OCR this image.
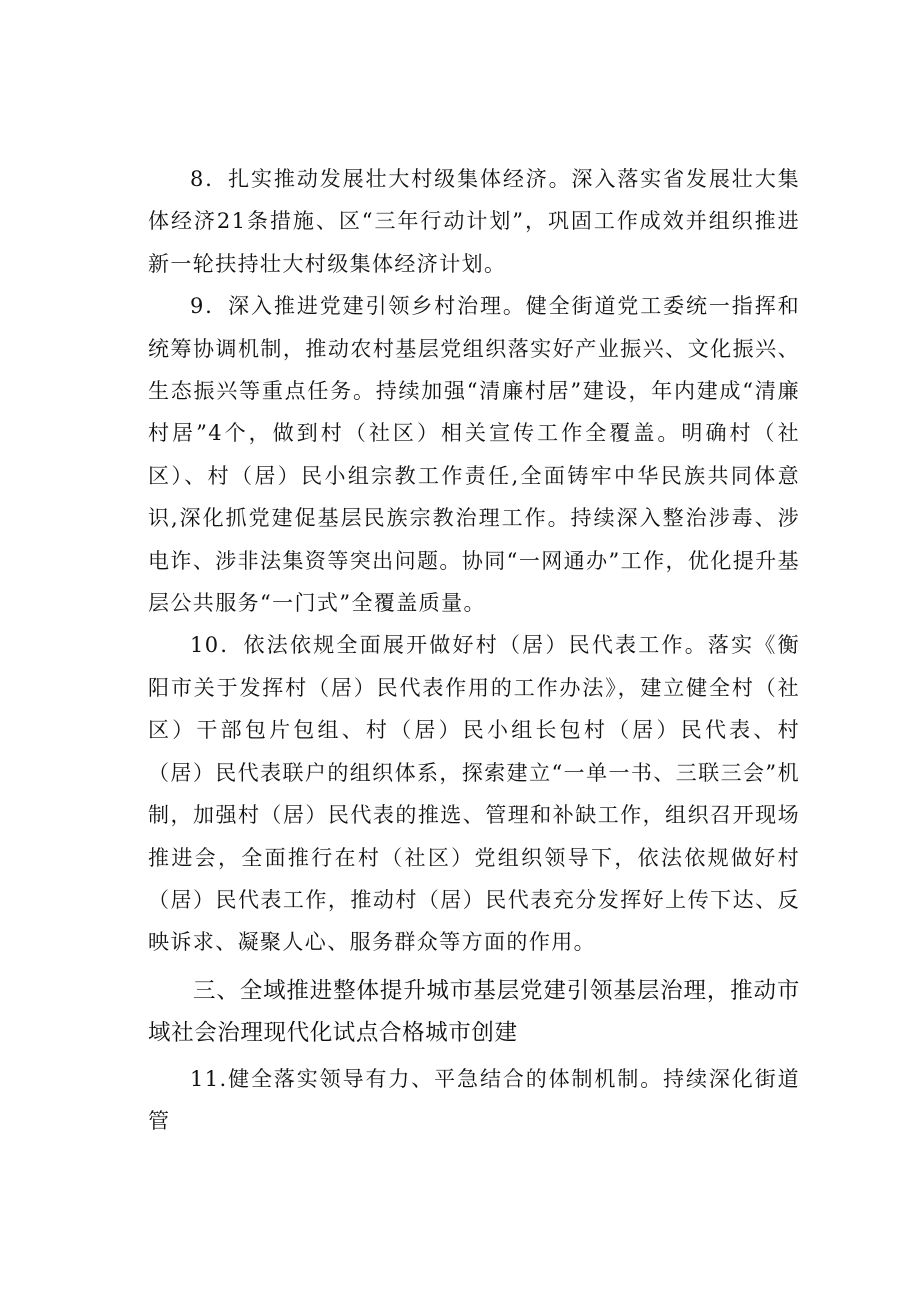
8．扎实推动发展壮大村级集体经济。深入落实省发展壮大集体经济21条措施、区“三年行动计划”，巩固工作成效并组织推进新一轮扶持壮大村级集体经济计划。

9．深入推进党建引领乡村治理。健全街道党工委统一指挥和统筹协调机制，推动农村基层党组织落实好产业振兴、文化振兴、生态振兴等重点任务。持续加强“清廉村居”建设，年内建成“清廉村居”4个，做到村（社区）相关宣传工作全覆盖。明确村（社区）、村（居）民小组宗教工作责任,全面铸牢中华民族共同体意识,深化抓党建促基层民族宗教治理工作。持续深入整治涉毒、涉电诈、涉非法集资等突出问题。协同“一网通办”工作，优化提升基层公共服务“一门式”全覆盖质量。

10．依法依规全面展开做好村（居）民代表工作。落实《衡阳市关于发挥村（居）民代表作用的工作办法》，建立健全村（社区）干部包片包组、村（居）民小组长包村（居）民代表、村（居）民代表联户的组织体系，探索建立“一单一书、三联三会”机制，加强村（居）民代表的推选、管理和补缺工作，组织召开现场推进会，全面推行在村（社区）党组织领导下，依法依规做好村（居）民代表工作，推动村（居）民代表充分发挥好上传下达、反映诉求、凝聚人心、服务群众等方面的作用。

三、全域推进整体提升城市基层党建引领基层治理，推动市域社会治理现代化试点合格城市创建

11.健全落实领导有力、平急结合的体制机制。持续深化街道管
